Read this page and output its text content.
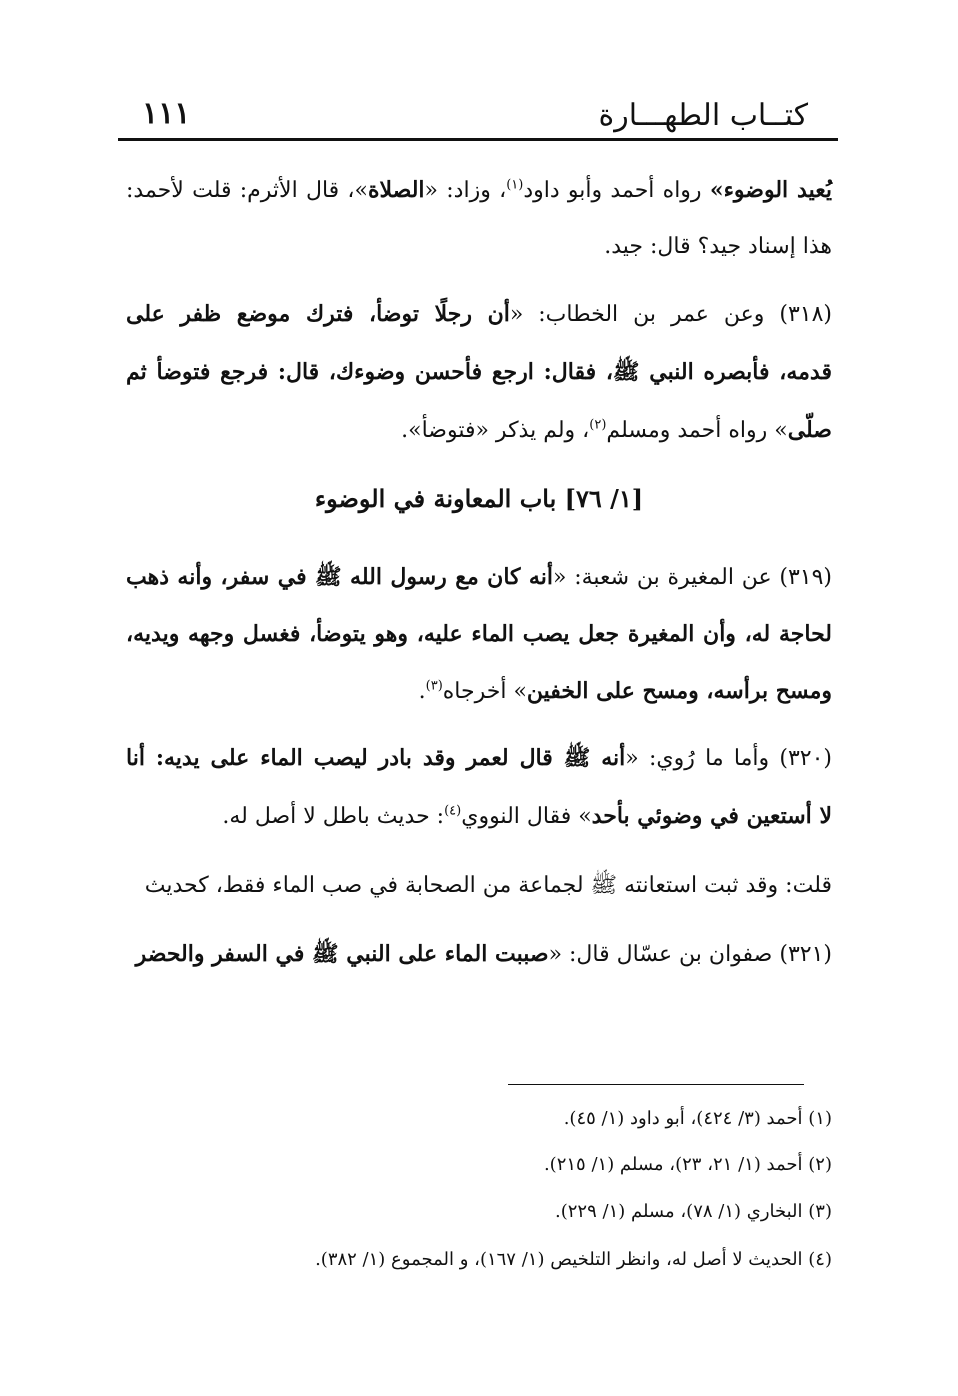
كتــاب الطهـــارة
١١١
يُعيد الوضوء» رواه أحمد وأبو داود$^{(١)}$، وزاد: «الصلاة»، قال الأثرم: قلت لأحمد:
هذا إسناد جيد؟ قال: جيد.
(٣١٨) وعن عمر بن الخطاب: «أن رجلًا توضأ، فترك موضع ظفر على
قدمه، فأبصره النبي ﷺ، فقال: ارجع فأحسن وضوءك، قال: فرجع فتوضأ ثم
صلّى» رواه أحمد ومسلم$^{(٢)}$، ولم يذكر «فتوضأ».
[١/ ٧٦] باب المعاونة في الوضوء
(٣١٩) عن المغيرة بن شعبة: «أنه كان مع رسول الله ﷺ في سفر، وأنه ذهب
لحاجة له، وأن المغيرة جعل يصب الماء عليه، وهو يتوضأ، فغسل وجهه ويديه،
ومسح برأسه، ومسح على الخفين» أخرجاه$^{(٣)}$.
(٣٢٠) وأما ما رُوي: «أنه ﷺ قال لعمر وقد بادر ليصب الماء على يديه: أنا
لا أستعين في وضوئي بأحد» فقال النووي$^{(٤)}$: حديث باطل لا أصل له.
قلت: وقد ثبت استعانته ﷺ لجماعة من الصحابة في صب الماء فقط، كحديث
(٣٢١) صفوان بن عسّال قال: «صببت الماء على النبي ﷺ في السفر والحضر
(١) أحمد (٣/ ٤٢٤)، أبو داود (١/ ٤٥).
(٢) أحمد (١/ ٢١، ٢٣)، مسلم (١/ ٢١٥).
(٣) البخاري (١/ ٧٨)، مسلم (١/ ٢٢٩).
(٤) الحديث لا أصل له، وانظر التلخيص (١/ ١٦٧)، و المجموع (١/ ٣٨٢).
